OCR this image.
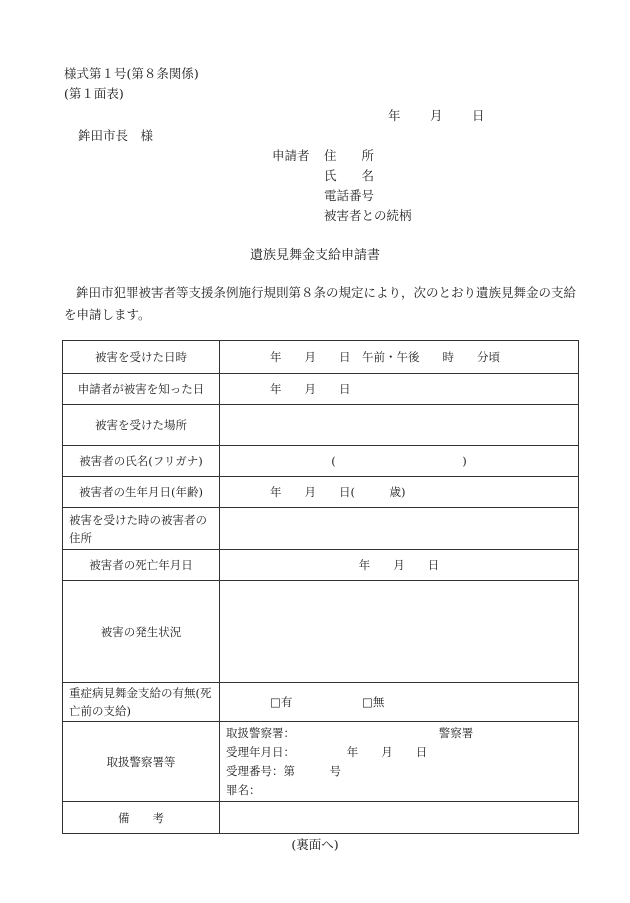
様式第１号(第８条関係)
(第１面表)
年 月 日
鉾田市長　様
申請者 住　　所
氏　　名
電話番号
被害者との続柄
遺族見舞金支給申請書
鉾田市犯罪被害者等支援条例施行規則第８条の規定により，次のとおり遺族見舞金の支給を申請します。
被害を受けた日時	年　　月　　日　午前・午後　　時　　分頃
申請者が被害を知った日	年　　月　　日
被害を受けた場所	
被害者の氏名(フリガナ)	(　　　　　　　　　　　)
被害者の生年月日(年齢)	年　　月　　日(　　　歳)
被害を受けた時の被害者の住所	
被害者の死亡年月日	年　　月　　日
被害の発生状況	
重症病見舞金支給の有無(死亡前の支給)	□有 □無
取扱警察署等	取扱警察署：　　　　　　　　　　　　　警察署
受理年月日：　　　　　年　　月　　日
受理番号：第　　　号
罪名：

備　　考	
(裏面へ)
